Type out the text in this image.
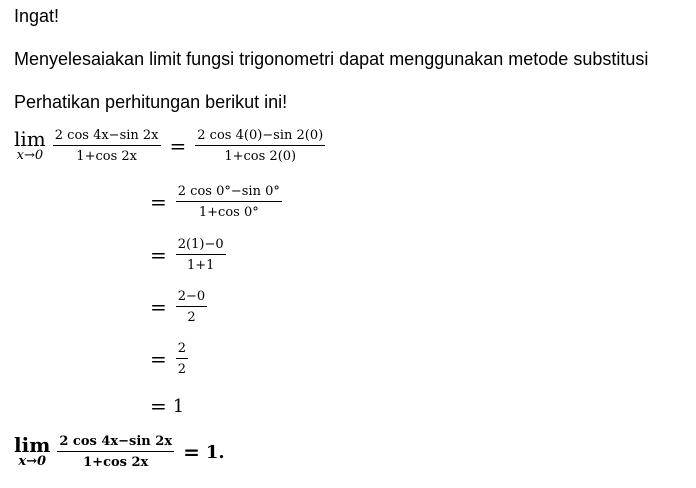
Ingat!
Menyelesaiakan limit fungsi trigonometri dapat menggunakan metode substitusi
Perhatikan perhitungan berikut ini!
lim
$x\to 0 \frac{2 \cos 4x-\sin 2x}{1+\cos 2x} = \frac{2 \cos 4(0)-\sin 2(0)}{1+\cos 2(0)}$
= $\frac{2 \cos 0^\circ-\sin 0^\circ}{1+\cos 0^\circ}$
= $\frac{2(1)-0}{1+1}$
= $\frac{2-0}{2}$
= $\frac{2}{2}$
= 1
lim
$x\to 0 \frac{2 \cos 4x-\sin 2x}{1+\cos 2x} = 1$.
